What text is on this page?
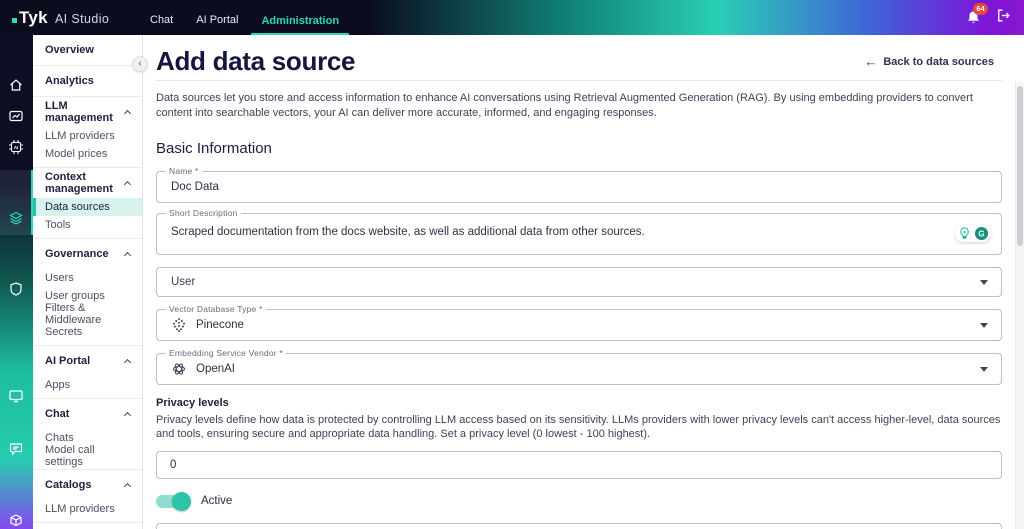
Tyk AI Studio	Chat	AI Portal	Administration
64
AI
Overview
Analytics
LLM management
LLM providers
Model prices
Context management
Data sources
Tools
Governance
Users
User groups
Filters & Middleware
Secrets
AI Portal
Apps
Chat
Chats
Model call settings
Catalogs
LLM providers
‹ Add data source	← Back to data sources

Data sources let you store and access information to enhance AI conversations using Retrieval Augmented Generation (RAG). By using embedding providers to convert content into searchable vectors, your AI can deliver more accurate, informed, and engaging responses.

Basic Information
Name *
Doc Data
Short Description
Scraped documentation from the docs website, as well as additional data from other sources.	G
User
Vector Database Type *
Pinecone
Embedding Service Vendor *
OpenAI
Privacy levels

Privacy levels define how data is protected by controlling LLM access based on its sensitivity. LLMs providers with lower privacy levels can't access higher-level, data sources and tools, ensuring secure and appropriate data handling. Set a privacy level (0 lowest - 100 highest).

0
Active
